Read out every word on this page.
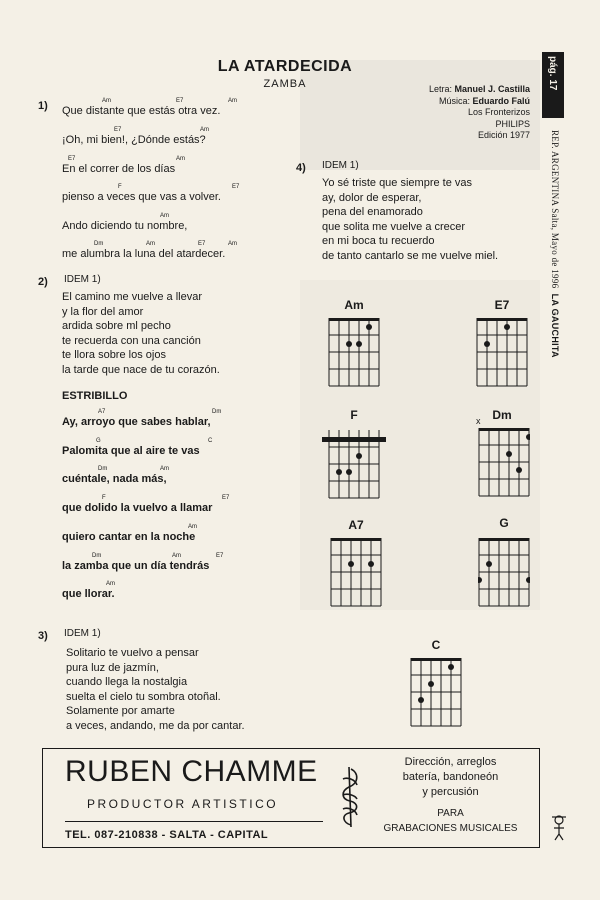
LA ATARDECIDA
ZAMBA	Letra: Manuel J. Castilla
Música: Eduardo Falú
Los Fronterizos
PHILIPS
Edición 1977
pág. 17
REP. ARGENTINA Salta, Mayo de 1996  LA GAUCHITA
1)	Am	E7	Am
Que distante que estás otra vez.
E7	Am
¡Oh, mi bien!, ¿Dónde estás?
E7	Am
En el correr de los días
F	E7
pienso a veces que vas a volver.
Am
Ando diciendo tu nombre,
Dm	Am	E7	Am
me alumbra la luna del atardecer.
2) IDEM 1)

El camino me vuelve a llevar

y la flor del amor

ardida sobre ml pecho

te recuerda con una canción

te llora sobre los ojos

la tarde que nace de tu corazón.

ESTRIBILLO
A7	Dm
Ay, arroyo que sabes hablar,
G	C
Palomita que al aire te vas
Dm	Am
cuéntale, nada más,
F	E7
que dolido la vuelvo a llamar
Am
quiero cantar en la noche
Dm	Am	E7
la zamba que un día tendrás
Am
que llorar.
3) IDEM 1)

Solitario te vuelvo a pensar

pura luz de jazmín,

cuando llega la nostalgia

suelta el cielo tu sombra otoñal.

Solamente por amarte

a veces, andando, me da por cantar.

4) IDEM 1)

Yo sé triste que siempre te vas

ay, dolor de esperar,

pena del enamorado

que solita me vuelve a crecer

en mi boca tu recuerdo

de tanto cantarlo se me vuelve miel.

Am	E7
F	Dm
x
A7	G
C
RUBEN CHAMME
PRODUCTOR ARTISTICO
TEL. 087-210838 - SALTA - CAPITAL
Dirección, arreglos
batería, bandoneón
y percusión
PARA
GRABACIONES MUSICALES
